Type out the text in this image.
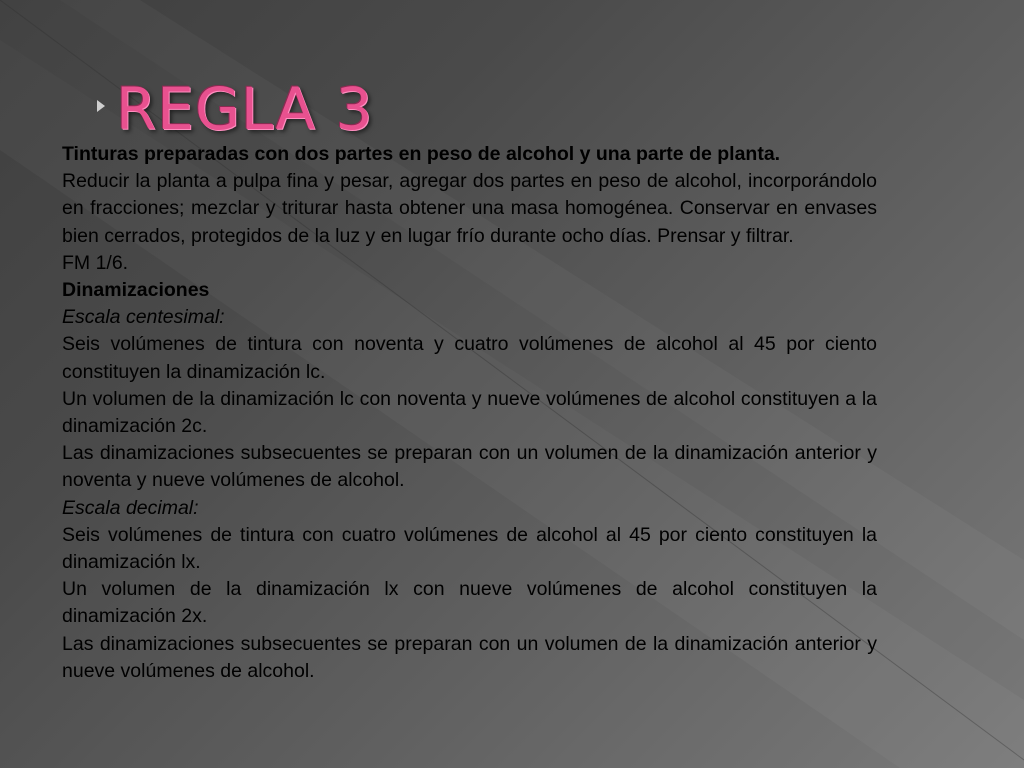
REGLA 3

Tinturas preparadas con dos partes en peso de alcohol y una parte de planta.

Reducir la planta a pulpa fina y pesar, agregar dos partes en peso de alcohol, incorporándolo en fracciones; mezclar y triturar hasta obtener una masa homogénea. Conservar en envases bien cerrados, protegidos de la luz y en lugar frío durante ocho días. Prensar y filtrar.

FM 1/6.

Dinamizaciones

Escala centesimal:

Seis volúmenes de tintura con noventa y cuatro volúmenes de alcohol al 45 por ciento constituyen la dinamización lc.

Un volumen de la dinamización lc con noventa y nueve volúmenes de alcohol constituyen a la dinamización 2c.

Las dinamizaciones subsecuentes se preparan con un volumen de la dinamización anterior y noventa y nueve volúmenes de alcohol.

Escala decimal:

Seis volúmenes de tintura con cuatro volúmenes de alcohol al 45 por ciento constituyen la dinamización lx.

Un volumen de la dinamización lx con nueve volúmenes de alcohol constituyen la dinamización 2x.

Las dinamizaciones subsecuentes se preparan con un volumen de la dinamización anterior y nueve volúmenes de alcohol.
